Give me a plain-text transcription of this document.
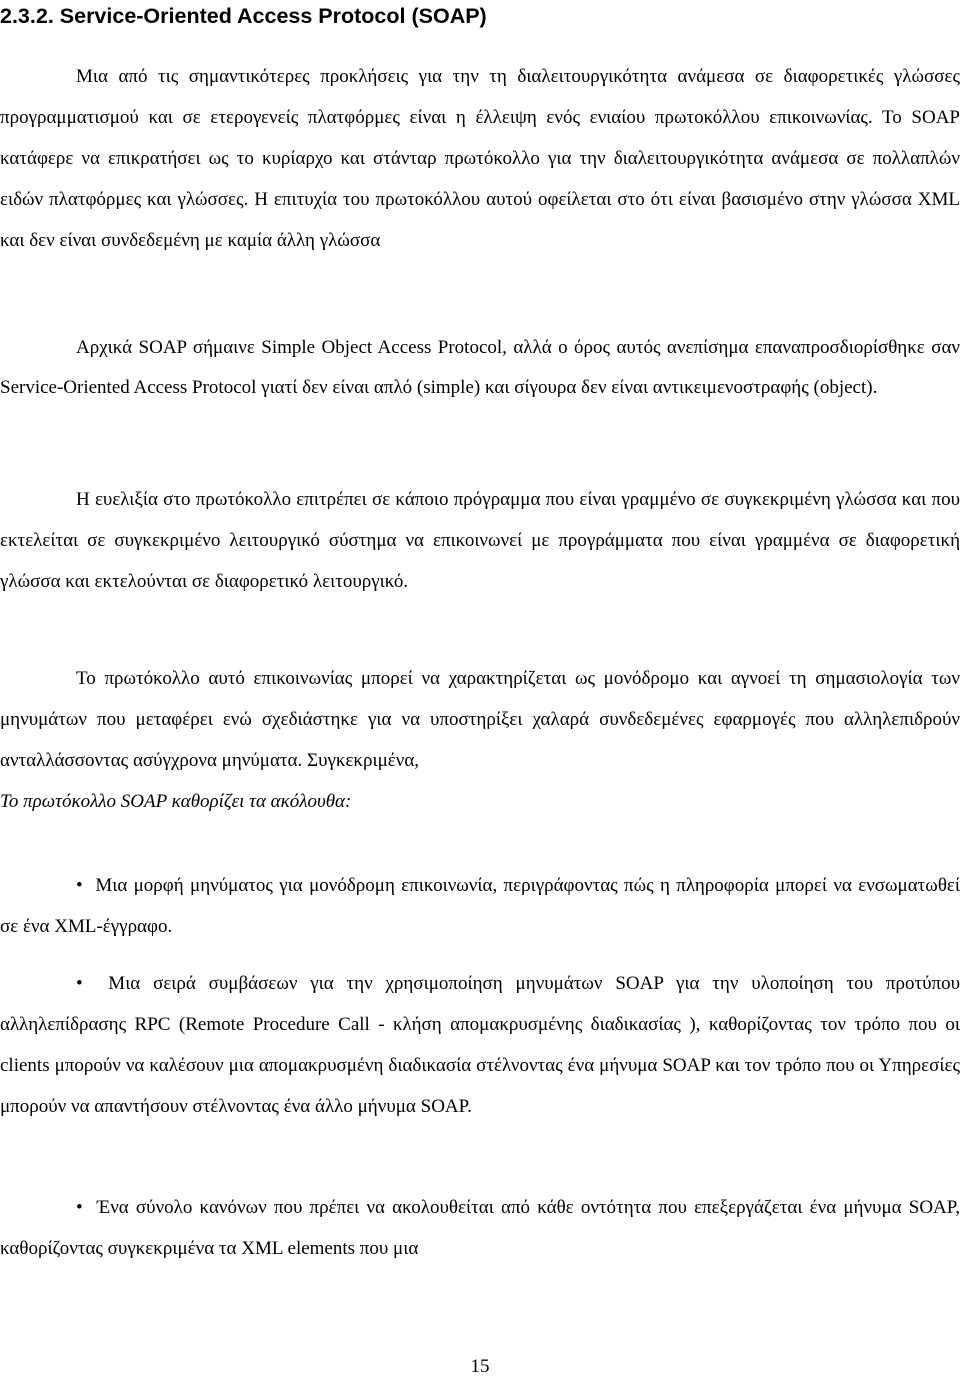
2.3.2. Service-Oriented Access Protocol (SOAP)

Μια από τις σημαντικότερες προκλήσεις για την τη διαλειτουργικότητα ανάμεσα σε διαφορετικές γλώσσες προγραμματισμού και σε ετερογενείς πλατφόρμες είναι η έλλειψη ενός ενιαίου πρωτοκόλλου επικοινωνίας. Το SOAP κατάφερε να επικρατήσει ως το κυρίαρχο και στάνταρ πρωτόκολλο για την διαλειτουργικότητα ανάμεσα σε πολλαπλών ειδών πλατφόρμες και γλώσσες. Η επιτυχία του πρωτοκόλλου αυτού οφείλεται στο ότι είναι βασισμένο στην γλώσσα XML και δεν είναι συνδεδεμένη με καμία άλλη γλώσσα

Αρχικά SOAP σήμαινε Simple Object Access Protocol, αλλά ο όρος αυτός ανεπίσημα επαναπροσδιορίσθηκε σαν Service-Oriented Access Protocol γιατί δεν είναι απλό (simple) και σίγουρα δεν είναι αντικειμενοστραφής (object).

Η ευελιξία στο πρωτόκολλο επιτρέπει σε κάποιο πρόγραμμα που είναι γραμμένο σε συγκεκριμένη γλώσσα και που εκτελείται σε συγκεκριμένο λειτουργικό σύστημα να επικοινωνεί με προγράμματα που είναι γραμμένα σε διαφορετική γλώσσα και εκτελούνται σε διαφορετικό λειτουργικό.

Το πρωτόκολλο αυτό επικοινωνίας μπορεί να χαρακτηρίζεται ως μονόδρομο και αγνοεί τη σημασιολογία των μηνυμάτων που μεταφέρει ενώ σχεδιάστηκε για να υποστηρίξει χαλαρά συνδεδεμένες εφαρμογές που αλληλεπιδρούν ανταλλάσσοντας ασύγχρονα μηνύματα. Συγκεκριμένα,

Το πρωτόκολλο SOAP καθορίζει τα ακόλουθα:

• Μια μορφή μηνύματος για μονόδρομη επικοινωνία, περιγράφοντας πώς η πληροφορία μπορεί να ενσωματωθεί σε ένα XML-έγγραφο.

• Μια σειρά συμβάσεων για την χρησιμοποίηση μηνυμάτων SOAP για την υλοποίηση του προτύπου αλληλεπίδρασης RPC (Remote Procedure Call - κλήση απομακρυσμένης διαδικασίας ), καθορίζοντας τον τρόπο που οι clients μπορούν να καλέσουν μια απομακρυσμένη διαδικασία στέλνοντας ένα μήνυμα SOAP και τον τρόπο που οι Υπηρεσίες μπορούν να απαντήσουν στέλνοντας ένα άλλο μήνυμα SOAP.

• Ένα σύνολο κανόνων που πρέπει να ακολουθείται από κάθε οντότητα που επεξεργάζεται ένα μήνυμα SOAP, καθορίζοντας συγκεκριμένα τα XML elements που μια

15
